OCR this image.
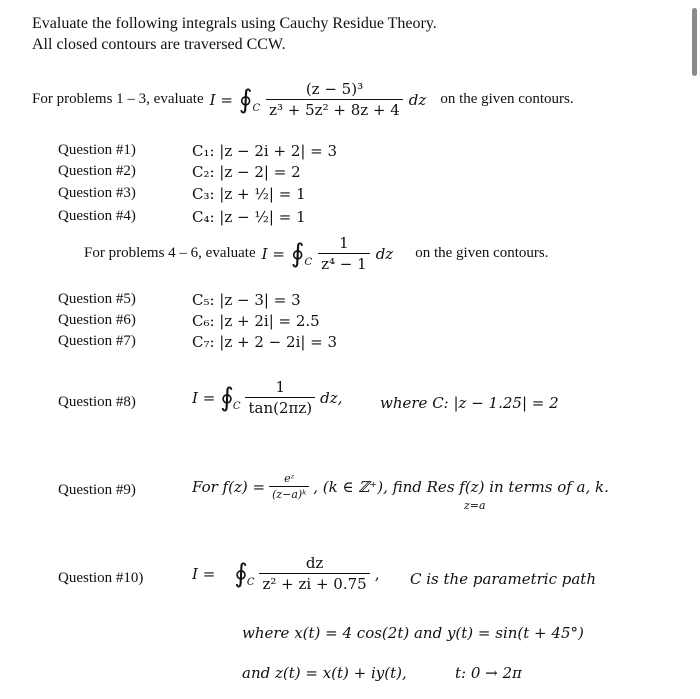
Evaluate the following integrals using Cauchy Residue Theory.
All closed contours are traversed CCW.
For problems 1 – 3, evaluate I = ∮ C $\frac{\text{(z − 5)³}}{\text{z³ + 5z² + 8z + 4}}$ dz on the given contours.
Question #1)	C₁: |z − 2i + 2| = 3
Question #2)	C₂: |z − 2| = 2
Question #3)	C₃: |z + ½| = 1
Question #4)	C₄: |z − ½| = 1
For problems 4 – 6, evaluate I = ∮ C $\frac{1}{\text{z⁴ − 1}}$ dz on the given contours.
Question #5)	C₅: |z − 3| = 3
Question #6)	C₆: |z + 2i| = 2.5
Question #7)	C₇: |z + 2 − 2i| = 3
Question #8)	I = ∮ C $\frac{1}{\tan(2\pi z)}$ dz,	where C: |z − 1.25| = 2
Question #9)	For $f(z) = \frac{\text{eᶻ}}{\text{(z−a)ᵏ}}$ , (k ∈ ℤ⁺), find Res f(z) in terms of a, k.
z=a
Question #10)	I = ∮ C $\frac{dz}{\text{z² + zi + 0.75}}$ , C is the parametric path
where x(t) = 4 cos(2t) and y(t) = sin(t + 45°)
and z(t) = x(t) + iy(t),	t: 0 → 2π
